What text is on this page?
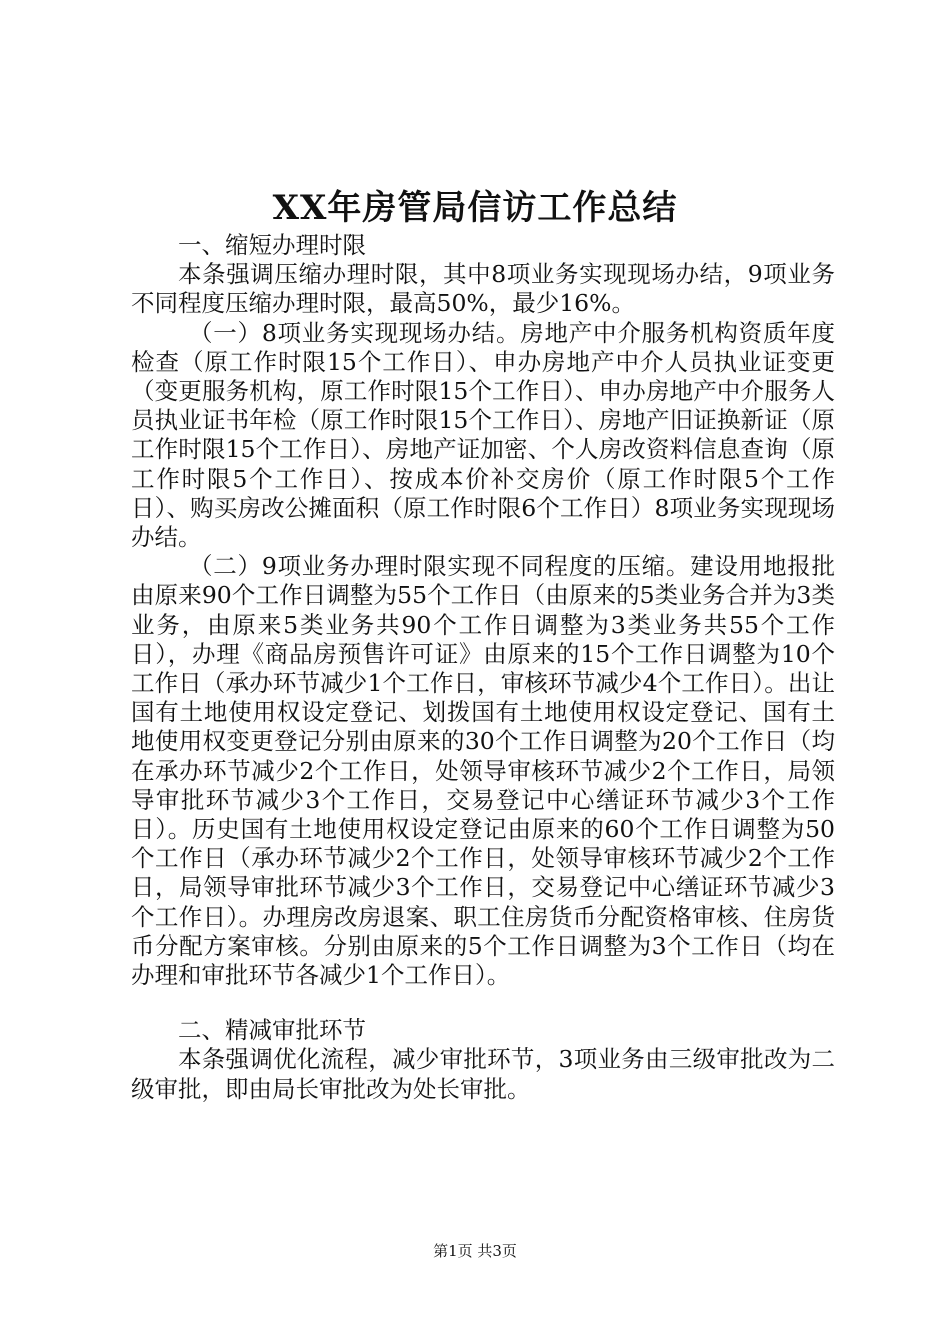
XX年房管局信访工作总结

一、缩短办理时限

本条强调压缩办理时限，其中8项业务实现现场办结，9项业务不同程度压缩办理时限，最高50%，最少16%。

（一）8项业务实现现场办结。房地产中介服务机构资质年度检查（原工作时限15个工作日）、申办房地产中介人员执业证变更（变更服务机构，原工作时限15个工作日）、申办房地产中介服务人员执业证书年检（原工作时限15个工作日）、房地产旧证换新证（原工作时限15个工作日）、房地产证加密、个人房改资料信息查询（原工作时限5个工作日）、按成本价补交房价（原工作时限5个工作日）、购买房改公摊面积（原工作时限6个工作日）8项业务实现现场办结。

（二）9项业务办理时限实现不同程度的压缩。建设用地报批由原来90个工作日调整为55个工作日（由原来的5类业务合并为3类业务，由原来5类业务共90个工作日调整为3类业务共55个工作日），办理《商品房预售许可证》由原来的15个工作日调整为10个工作日（承办环节减少1个工作日，审核环节减少4个工作日）。出让国有土地使用权设定登记、划拨国有土地使用权设定登记、国有土地使用权变更登记分别由原来的30个工作日调整为20个工作日（均在承办环节减少2个工作日，处领导审核环节减少2个工作日，局领导审批环节减少3个工作日，交易登记中心缮证环节减少3个工作日）。历史国有土地使用权设定登记由原来的60个工作日调整为50个工作日（承办环节减少2个工作日，处领导审核环节减少2个工作日，局领导审批环节减少3个工作日，交易登记中心缮证环节减少3个工作日）。办理房改房退案、职工住房货币分配资格审核、住房货币分配方案审核。分别由原来的5个工作日调整为3个工作日（均在办理和审批环节各减少1个工作日）。

二、精减审批环节

本条强调优化流程，减少审批环节，3项业务由三级审批改为二级审批，即由局长审批改为处长审批。

第1页 共3页
